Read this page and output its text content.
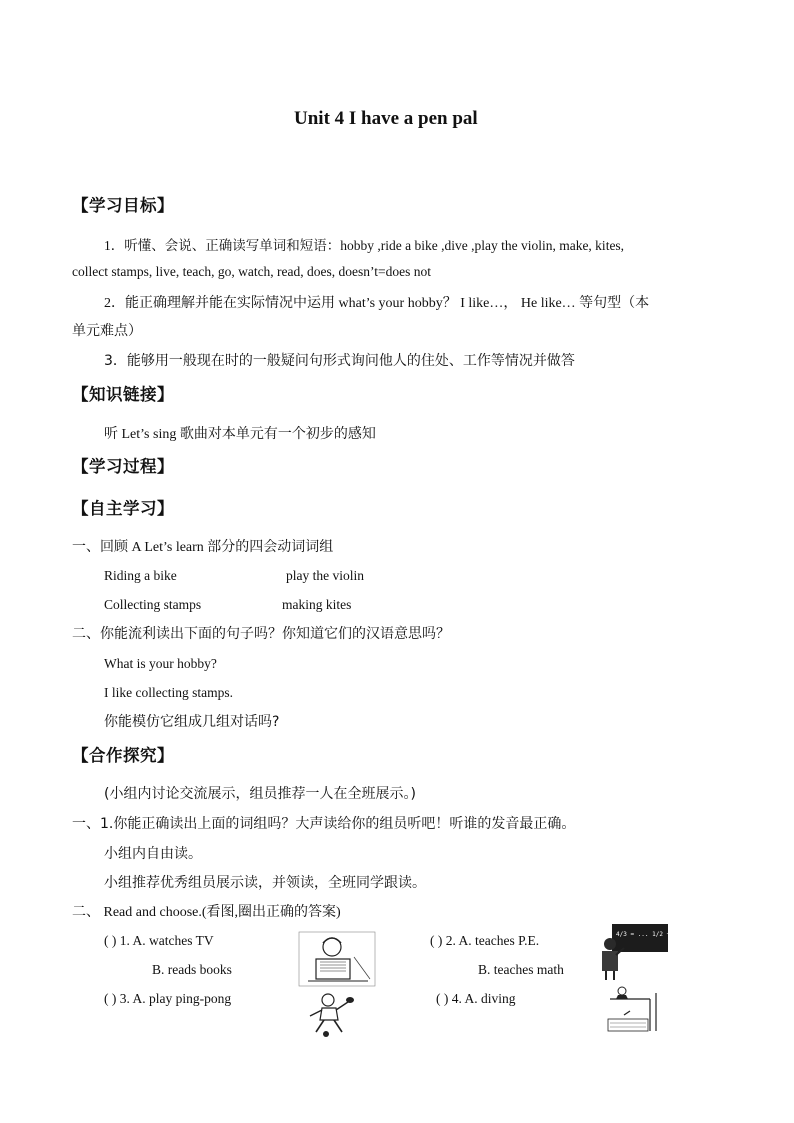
Unit 4 I have a pen pal
【学习目标】
1．听懂、会说、正确读写单词和短语：hobby ,ride a bike ,dive ,play the violin, make, kites,
collect stamps, live, teach, go, watch, read, does, doesn’t=does not
2．能正确理解并能在实际情况中运用 what’s your hobby？ I like…， He like… 等句型（本
单元难点）
3．能够用一般现在时的一般疑问句形式询问他人的住处、工作等情况并做答
【知识链接】
听 Let’s sing 歌曲对本单元有一个初步的感知
【学习过程】
【自主学习】
一、回顾 A Let’s learn 部分的四会动词词组
Riding a bike	play the violin
Collecting stamps	making kites
二、你能流利读出下面的句子吗？你知道它们的汉语意思吗？
What is your hobby?
I like collecting stamps.
你能模仿它组成几组对话吗?
【合作探究】
(小组内讨论交流展示，组员推荐一人在全班展示。)
一、1.你能正确读出上面的词组吗？大声读给你的组员听吧！听谁的发音最正确。
小组内自由读。
小组推荐优秀组员展示读，并领读，全班同学跟读。
二、 Read and choose.(看图,圈出正确的答案)
( ) 1. A. watches TV
B. reads books
( ) 2. A. teaches P.E.
B. teaches math
( ) 3. A. play ping-pong	( ) 4. A. diving
4/3 = ... 1/2 + 1/3
